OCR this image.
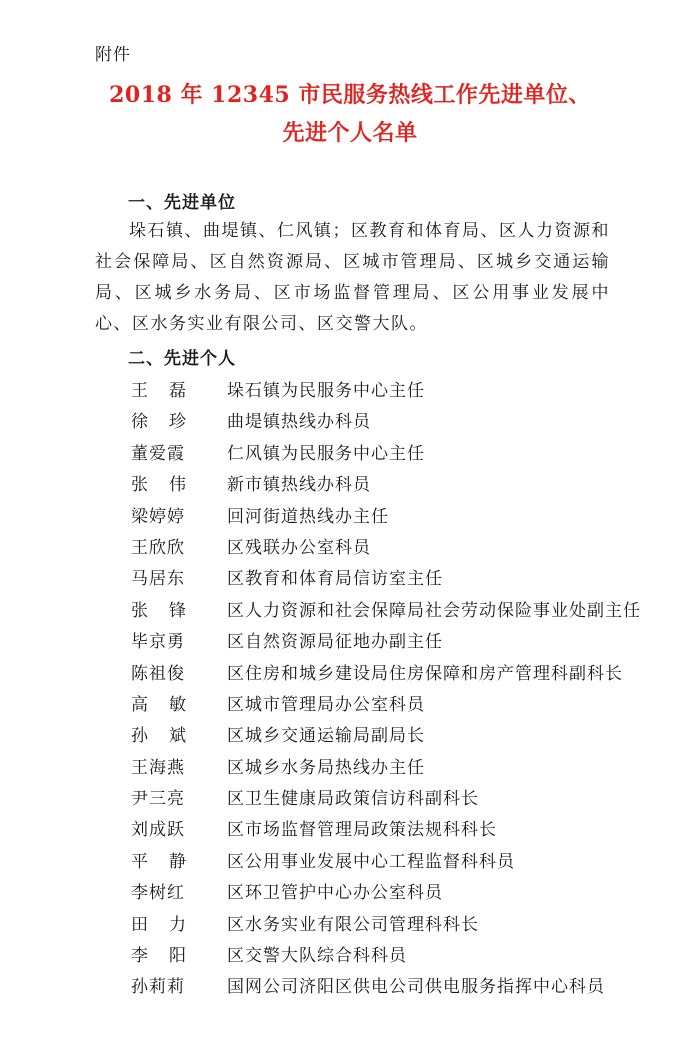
附件
2018 年 12345 市民服务热线工作先进单位、
先进个人名单
一、先进单位
垛石镇、曲堤镇、仁风镇；区教育和体育局、区人力资源和社会保障局、区自然资源局、区城市管理局、区城乡交通运输局、区城乡水务局、区市场监督管理局、区公用事业发展中心、区水务实业有限公司、区交警大队。
二、先进个人
王磊 垛石镇为民服务中心主任
徐珍 曲堤镇热线办科员
董爱霞	仁风镇为民服务中心主任
张伟 新市镇热线办科员
梁婷婷	回河街道热线办主任
王欣欣	区残联办公室科员
马居东	区教育和体育局信访室主任
张锋 区人力资源和社会保障局社会劳动保险事业处副主任
毕京勇	区自然资源局征地办副主任
陈祖俊	区住房和城乡建设局住房保障和房产管理科副科长
高敏 区城市管理局办公室科员
孙斌 区城乡交通运输局副局长
王海燕	区城乡水务局热线办主任
尹三亮	区卫生健康局政策信访科副科长
刘成跃	区市场监督管理局政策法规科科长
平静 区公用事业发展中心工程监督科科员
李树红	区环卫管护中心办公室科员
田力 区水务实业有限公司管理科科长
李阳 区交警大队综合科科员
孙莉莉	国网公司济阳区供电公司供电服务指挥中心科员
